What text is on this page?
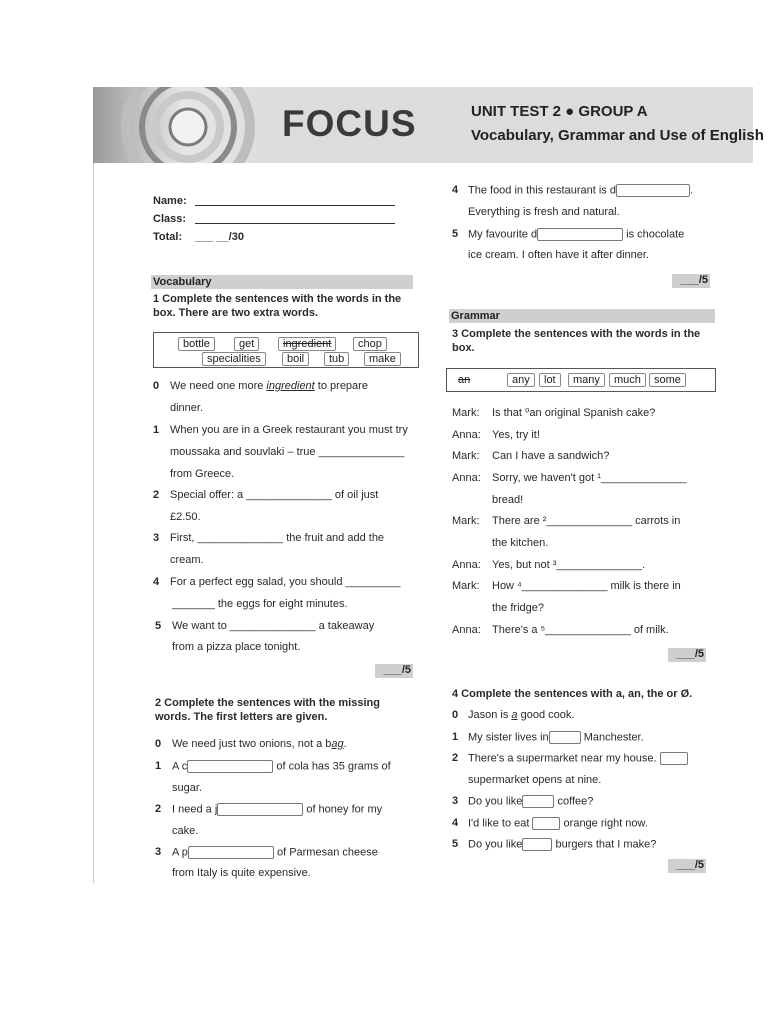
FOCUS	UNIT TEST 2 ● GROUP A
Vocabulary, Grammar and Use of English
Name:
Class:
Total: ___ __/30
Vocabulary
1 Complete the sentences with the words in the
box. There are two extra words.
bottle	get	ingredient	chop
specialities	boil	tub	make
0 We need one more ingredient to prepare
dinner.
1 When you are in a Greek restaurant you must try
moussaka and souvlaki – true ______________
from Greece.
2 Special offer: a ______________ of oil just
£2.50.
3 First, ______________ the fruit and add the
cream.
4 For a perfect egg salad, you should _________
_______ the eggs for eight minutes.
5 We want to ______________ a takeaway
from a pizza place tonight.
___/5
2 Complete the sentences with the missing
words. The first letters are given.
0 We need just two onions, not a bag.
1 A c	of cola has 35 grams of
sugar.
2 I need a j	of honey for my
cake.
3 A p	of Parmesan cheese
from Italy is quite expensive.
4 The food in this restaurant is d	.
Everything is fresh and natural.
5 My favourite d	is chocolate
ice cream. I often have it after dinner.
___/5
Grammar
3 Complete the sentences with the words in the
box.
an	any	lot	many	much	some
Mark: Is that ⁰an original Spanish cake?
Anna: Yes, try it!
Mark: Can I have a sandwich?
Anna: Sorry, we haven't got ¹______________
bread!
Mark: There are ²______________ carrots in
the kitchen.
Anna: Yes, but not ³______________.
Mark: How ⁴______________ milk is there in
the fridge?
Anna: There's a ⁵______________ of milk.
___/5
4 Complete the sentences with a, an, the or Ø.
0 Jason is a good cook.
1 My sister lives in	Manchester.
2 There's a supermarket near my house.
supermarket opens at nine.
3 Do you like	coffee?
4 I'd like to eat	orange right now.
5 Do you like	burgers that I make?
___/5
